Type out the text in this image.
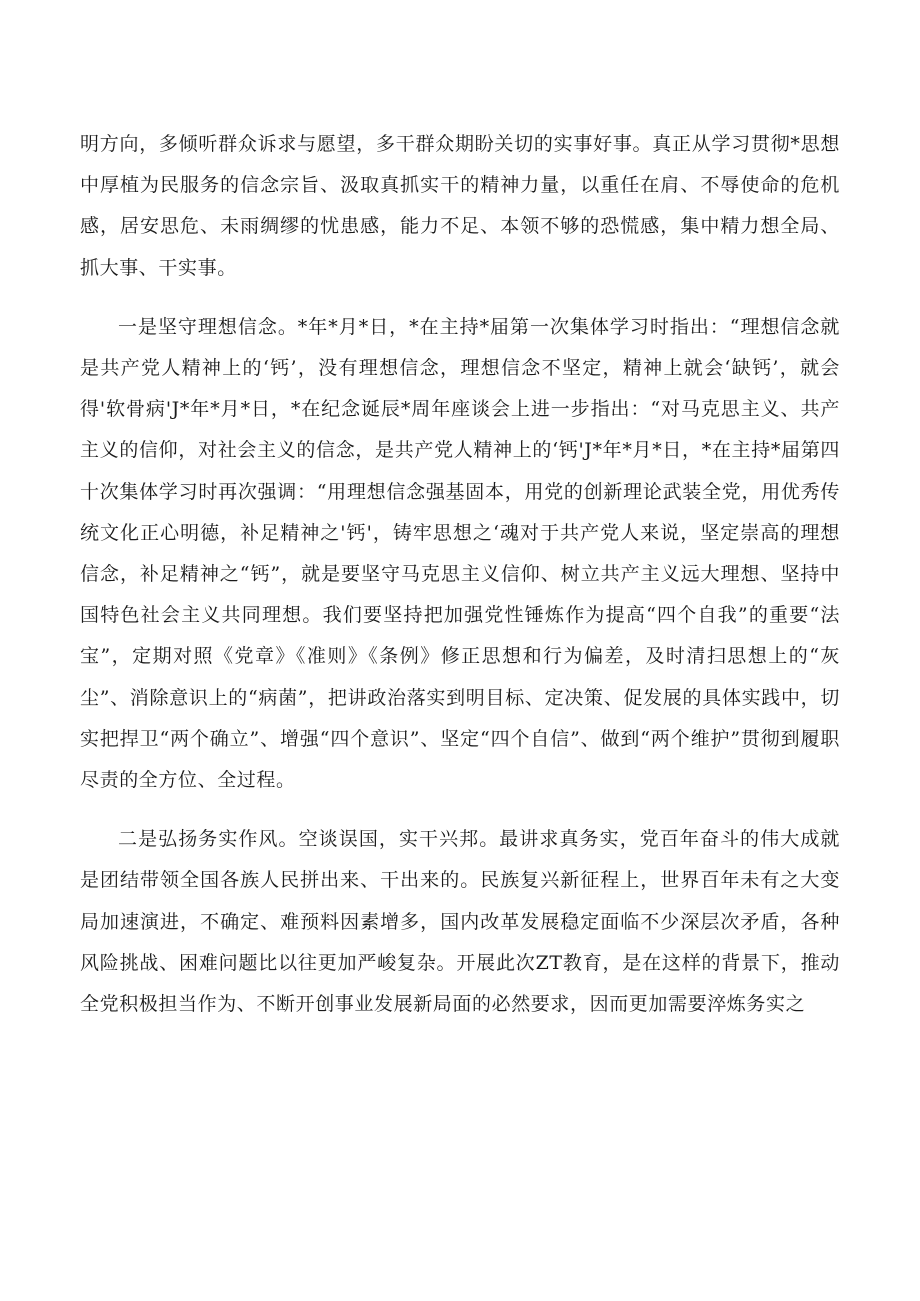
明方向，多倾听群众诉求与愿望，多干群众期盼关切的实事好事。真正从学习贯彻*思想中厚植为民服务的信念宗旨、汲取真抓实干的精神力量，以重任在肩、不辱使命的危机感，居安思危、未雨绸缪的忧患感，能力不足、本领不够的恐慌感，集中精力想全局、抓大事、干实事。

一是坚守理想信念。*年*月*日，*在主持*届第一次集体学习时指出：“理想信念就是共产党人精神上的‘钙’，没有理想信念，理想信念不坚定，精神上就会‘缺钙’，就会得'软骨病'J*年*月*日，*在纪念诞辰*周年座谈会上进一步指出：“对马克思主义、共产主义的信仰，对社会主义的信念，是共产党人精神上的‘钙'J*年*月*日，*在主持*届第四十次集体学习时再次强调：“用理想信念强基固本，用党的创新理论武装全党，用优秀传统文化正心明德，补足精神之'钙'，铸牢思想之‘魂对于共产党人来说，坚定崇高的理想信念，补足精神之“钙”，就是要坚守马克思主义信仰、树立共产主义远大理想、坚持中国特色社会主义共同理想。我们要坚持把加强党性锤炼作为提高“四个自我”的重要“法宝”，定期对照《党章》《准则》《条例》修正思想和行为偏差，及时清扫思想上的“灰尘”、消除意识上的“病菌”，把讲政治落实到明目标、定决策、促发展的具体实践中，切实把捍卫“两个确立”、增强“四个意识”、坚定“四个自信”、做到“两个维护”贯彻到履职尽责的全方位、全过程。

二是弘扬务实作风。空谈误国，实干兴邦。最讲求真务实，党百年奋斗的伟大成就是团结带领全国各族人民拼出来、干出来的。民族复兴新征程上，世界百年未有之大变局加速演进，不确定、难预料因素增多，国内改革发展稳定面临不少深层次矛盾，各种风险挑战、困难问题比以往更加严峻复杂。开展此次ZT教育，是在这样的背景下，推动全党积极担当作为、不断开创事业发展新局面的必然要求，因而更加需要淬炼务实之
